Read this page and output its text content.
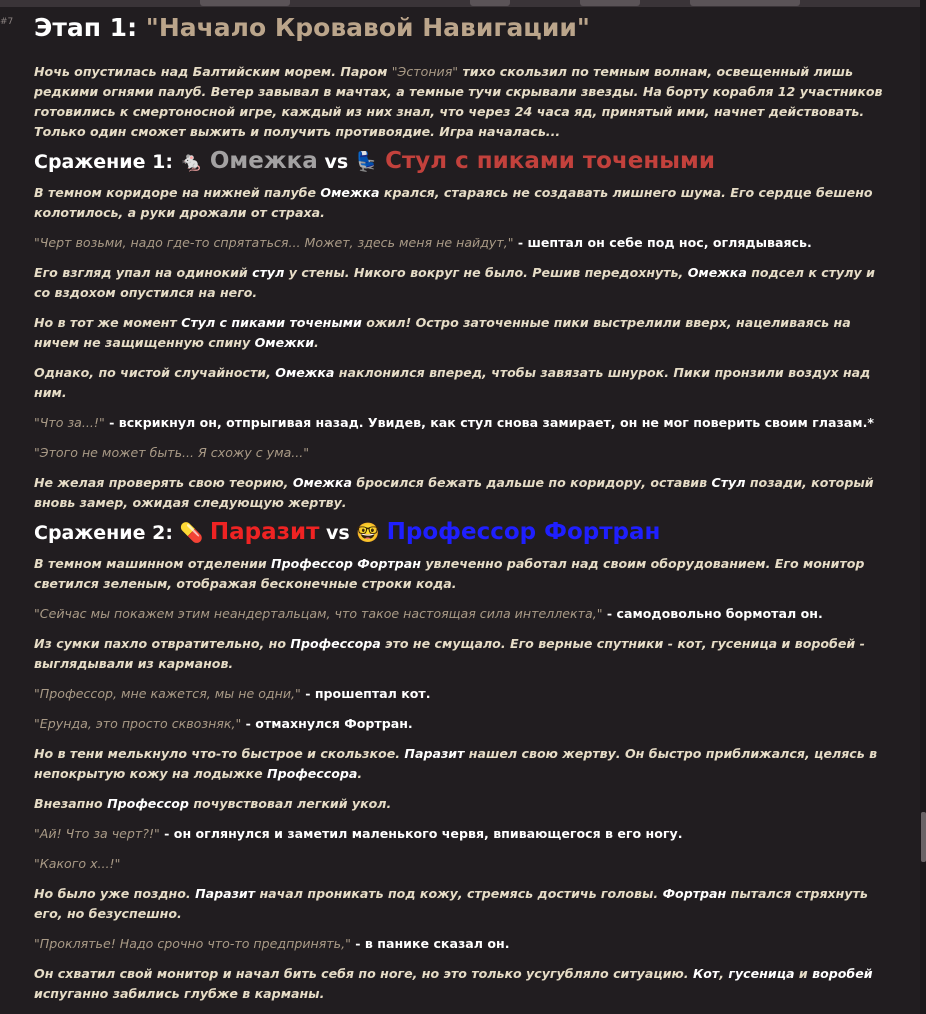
#7 Этап 1: "Начало Кровавой Навигации"

Ночь опустилась над Балтийским морем. Паром "Эстония" тихо скользил по темным волнам, освещенный лишь редкими огнями палуб. Ветер завывал в мачтах, а темные тучи скрывали звезды. На борту корабля 12 участников готовились к смертоносной игре, каждый из них знал, что через 24 часа яд, принятый ими, начнет действовать. Только один сможет выжить и получить противоядие. Игра началась...

Сражение 1: 🐁 Омежка vs 💺 Стул с пиками точеными

В темном коридоре на нижней палубе Омежка крался, стараясь не создавать лишнего шума. Его сердце бешено колотилось, а руки дрожали от страха.

"Черт возьми, надо где-то спрятаться... Может, здесь меня не найдут," - шептал он себе под нос, оглядываясь.

Его взгляд упал на одинокий стул у стены. Никого вокруг не было. Решив передохнуть, Омежка подсел к стулу и со вздохом опустился на него.

Но в тот же момент Стул с пиками точеными ожил! Остро заточенные пики выстрелили вверх, нацеливаясь на ничем не защищенную спину Омежки.

Однако, по чистой случайности, Омежка наклонился вперед, чтобы завязать шнурок. Пики пронзили воздух над ним.

"Что за...!" - вскрикнул он, отпрыгивая назад. Увидев, как стул снова замирает, он не мог поверить своим глазам.*

"Этого не может быть... Я схожу с ума..."

Не желая проверять свою теорию, Омежка бросился бежать дальше по коридору, оставив Стул позади, который вновь замер, ожидая следующую жертву.

Сражение 2: 💊 Паразит vs 🤓 Профессор Фортран

В темном машинном отделении Профессор Фортран увлеченно работал над своим оборудованием. Его монитор светился зеленым, отображая бесконечные строки кода.

"Сейчас мы покажем этим неандертальцам, что такое настоящая сила интеллекта," - самодовольно бормотал он.

Из сумки пахло отвратительно, но Профессора это не смущало. Его верные спутники - кот, гусеница и воробей - выглядывали из карманов.

"Профессор, мне кажется, мы не одни," - прошептал кот.

"Ерунда, это просто сквозняк," - отмахнулся Фортран.

Но в тени мелькнуло что-то быстрое и скользкое. Паразит нашел свою жертву. Он быстро приближался, целясь в непокрытую кожу на лодыжке Профессора.

Внезапно Профессор почувствовал легкий укол.

"Ай! Что за черт?!" - он оглянулся и заметил маленького червя, впивающегося в его ногу.

"Какого х...!"

Но было уже поздно. Паразит начал проникать под кожу, стремясь достичь головы. Фортран пытался стряхнуть его, но безуспешно.

"Проклятье! Надо срочно что-то предпринять," - в панике сказал он.

Он схватил свой монитор и начал бить себя по ноге, но это только усугубляло ситуацию. Кот, гусеница и воробей испуганно забились глубже в карманы.
